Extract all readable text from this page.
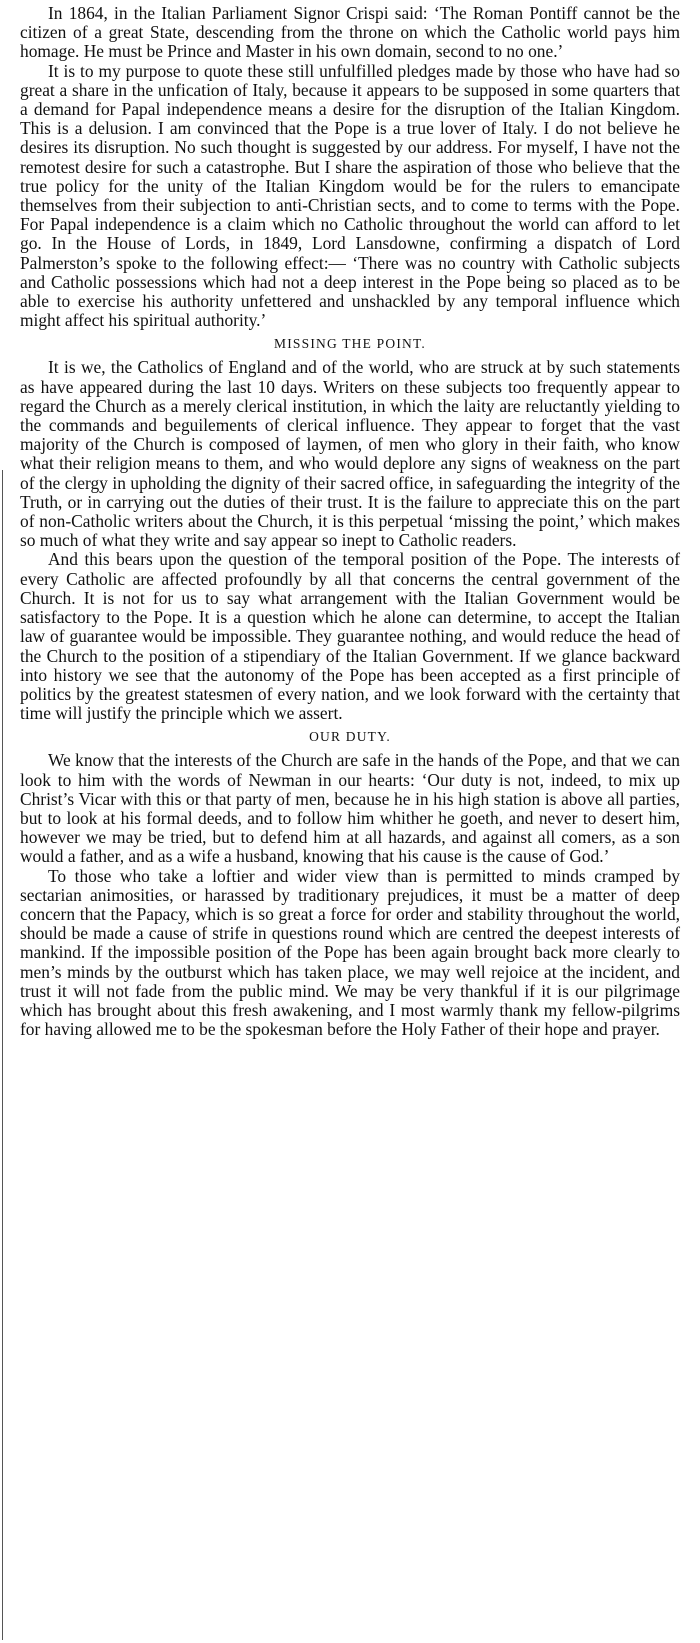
In 1864, in the Italian Parliament Signor Crispi said: ‘The Roman Pontiff cannot be the citizen of a great State, descending from the throne on which the Catholic world pays him homage. He must be Prince and Master in his own domain, second to no one.’

It is to my purpose to quote these still unfulfilled pledges made by those who have had so great a share in the unfication of Italy, because it appears to be supposed in some quarters that a demand for Papal independence means a desire for the disruption of the Italian Kingdom. This is a delusion. I am convinced that the Pope is a true lover of Italy. I do not believe he desires its disruption. No such thought is suggested by our address. For myself, I have not the remotest desire for such a catastrophe. But I share the aspiration of those who believe that the true policy for the unity of the Italian Kingdom would be for the rulers to emancipate themselves from their subjection to anti-Christian sects, and to come to terms with the Pope. For Papal independence is a claim which no Catholic throughout the world can afford to let go. In the House of Lords, in 1849, Lord Lansdowne, confirming a dispatch of Lord Palmerston’s spoke to the following effect:— ‘There was no country with Catholic subjects and Catholic possessions which had not a deep interest in the Pope being so placed as to be able to exercise his authority unfettered and unshackled by any temporal influence which might affect his spiritual authority.’

MISSING THE POINT.

It is we, the Catholics of England and of the world, who are struck at by such statements as have appeared during the last 10 days. Writers on these subjects too frequently appear to regard the Church as a merely clerical institution, in which the laity are reluctantly yielding to the commands and beguilements of clerical influence. They appear to forget that the vast majority of the Church is composed of laymen, of men who glory in their faith, who know what their religion means to them, and who would deplore any signs of weakness on the part of the clergy in upholding the dignity of their sacred office, in safeguarding the integrity of the Truth, or in carrying out the duties of their trust. It is the failure to appreciate this on the part of non-Catholic writers about the Church, it is this perpetual ‘missing the point,’ which makes so much of what they write and say appear so inept to Catholic readers.

And this bears upon the question of the temporal position of the Pope. The interests of every Catholic are affected profoundly by all that concerns the central government of the Church. It is not for us to say what arrangement with the Italian Government would be satisfactory to the Pope. It is a question which he alone can determine, to accept the Italian law of guarantee would be impossible. They guarantee nothing, and would reduce the head of the Church to the position of a stipendiary of the Italian Government. If we glance backward into history we see that the autonomy of the Pope has been accepted as a first principle of politics by the greatest statesmen of every nation, and we look forward with the certainty that time will justify the principle which we assert.

OUR DUTY.

We know that the interests of the Church are safe in the hands of the Pope, and that we can look to him with the words of Newman in our hearts: ‘Our duty is not, indeed, to mix up Christ’s Vicar with this or that party of men, because he in his high station is above all parties, but to look at his formal deeds, and to follow him whither he goeth, and never to desert him, however we may be tried, but to defend him at all hazards, and against all comers, as a son would a father, and as a wife a husband, knowing that his cause is the cause of God.’

To those who take a loftier and wider view than is permitted to minds cramped by sectarian animosities, or harassed by traditionary prejudices, it must be a matter of deep concern that the Papacy, which is so great a force for order and stability throughout the world, should be made a cause of strife in questions round which are centred the deepest interests of mankind. If the impossible position of the Pope has been again brought back more clearly to men’s minds by the outburst which has taken place, we may well rejoice at the incident, and trust it will not fade from the public mind. We may be very thankful if it is our pilgrimage which has brought about this fresh awakening, and I most warmly thank my fellow-pilgrims for having allowed me to be the spokesman before the Holy Father of their hope and prayer.
